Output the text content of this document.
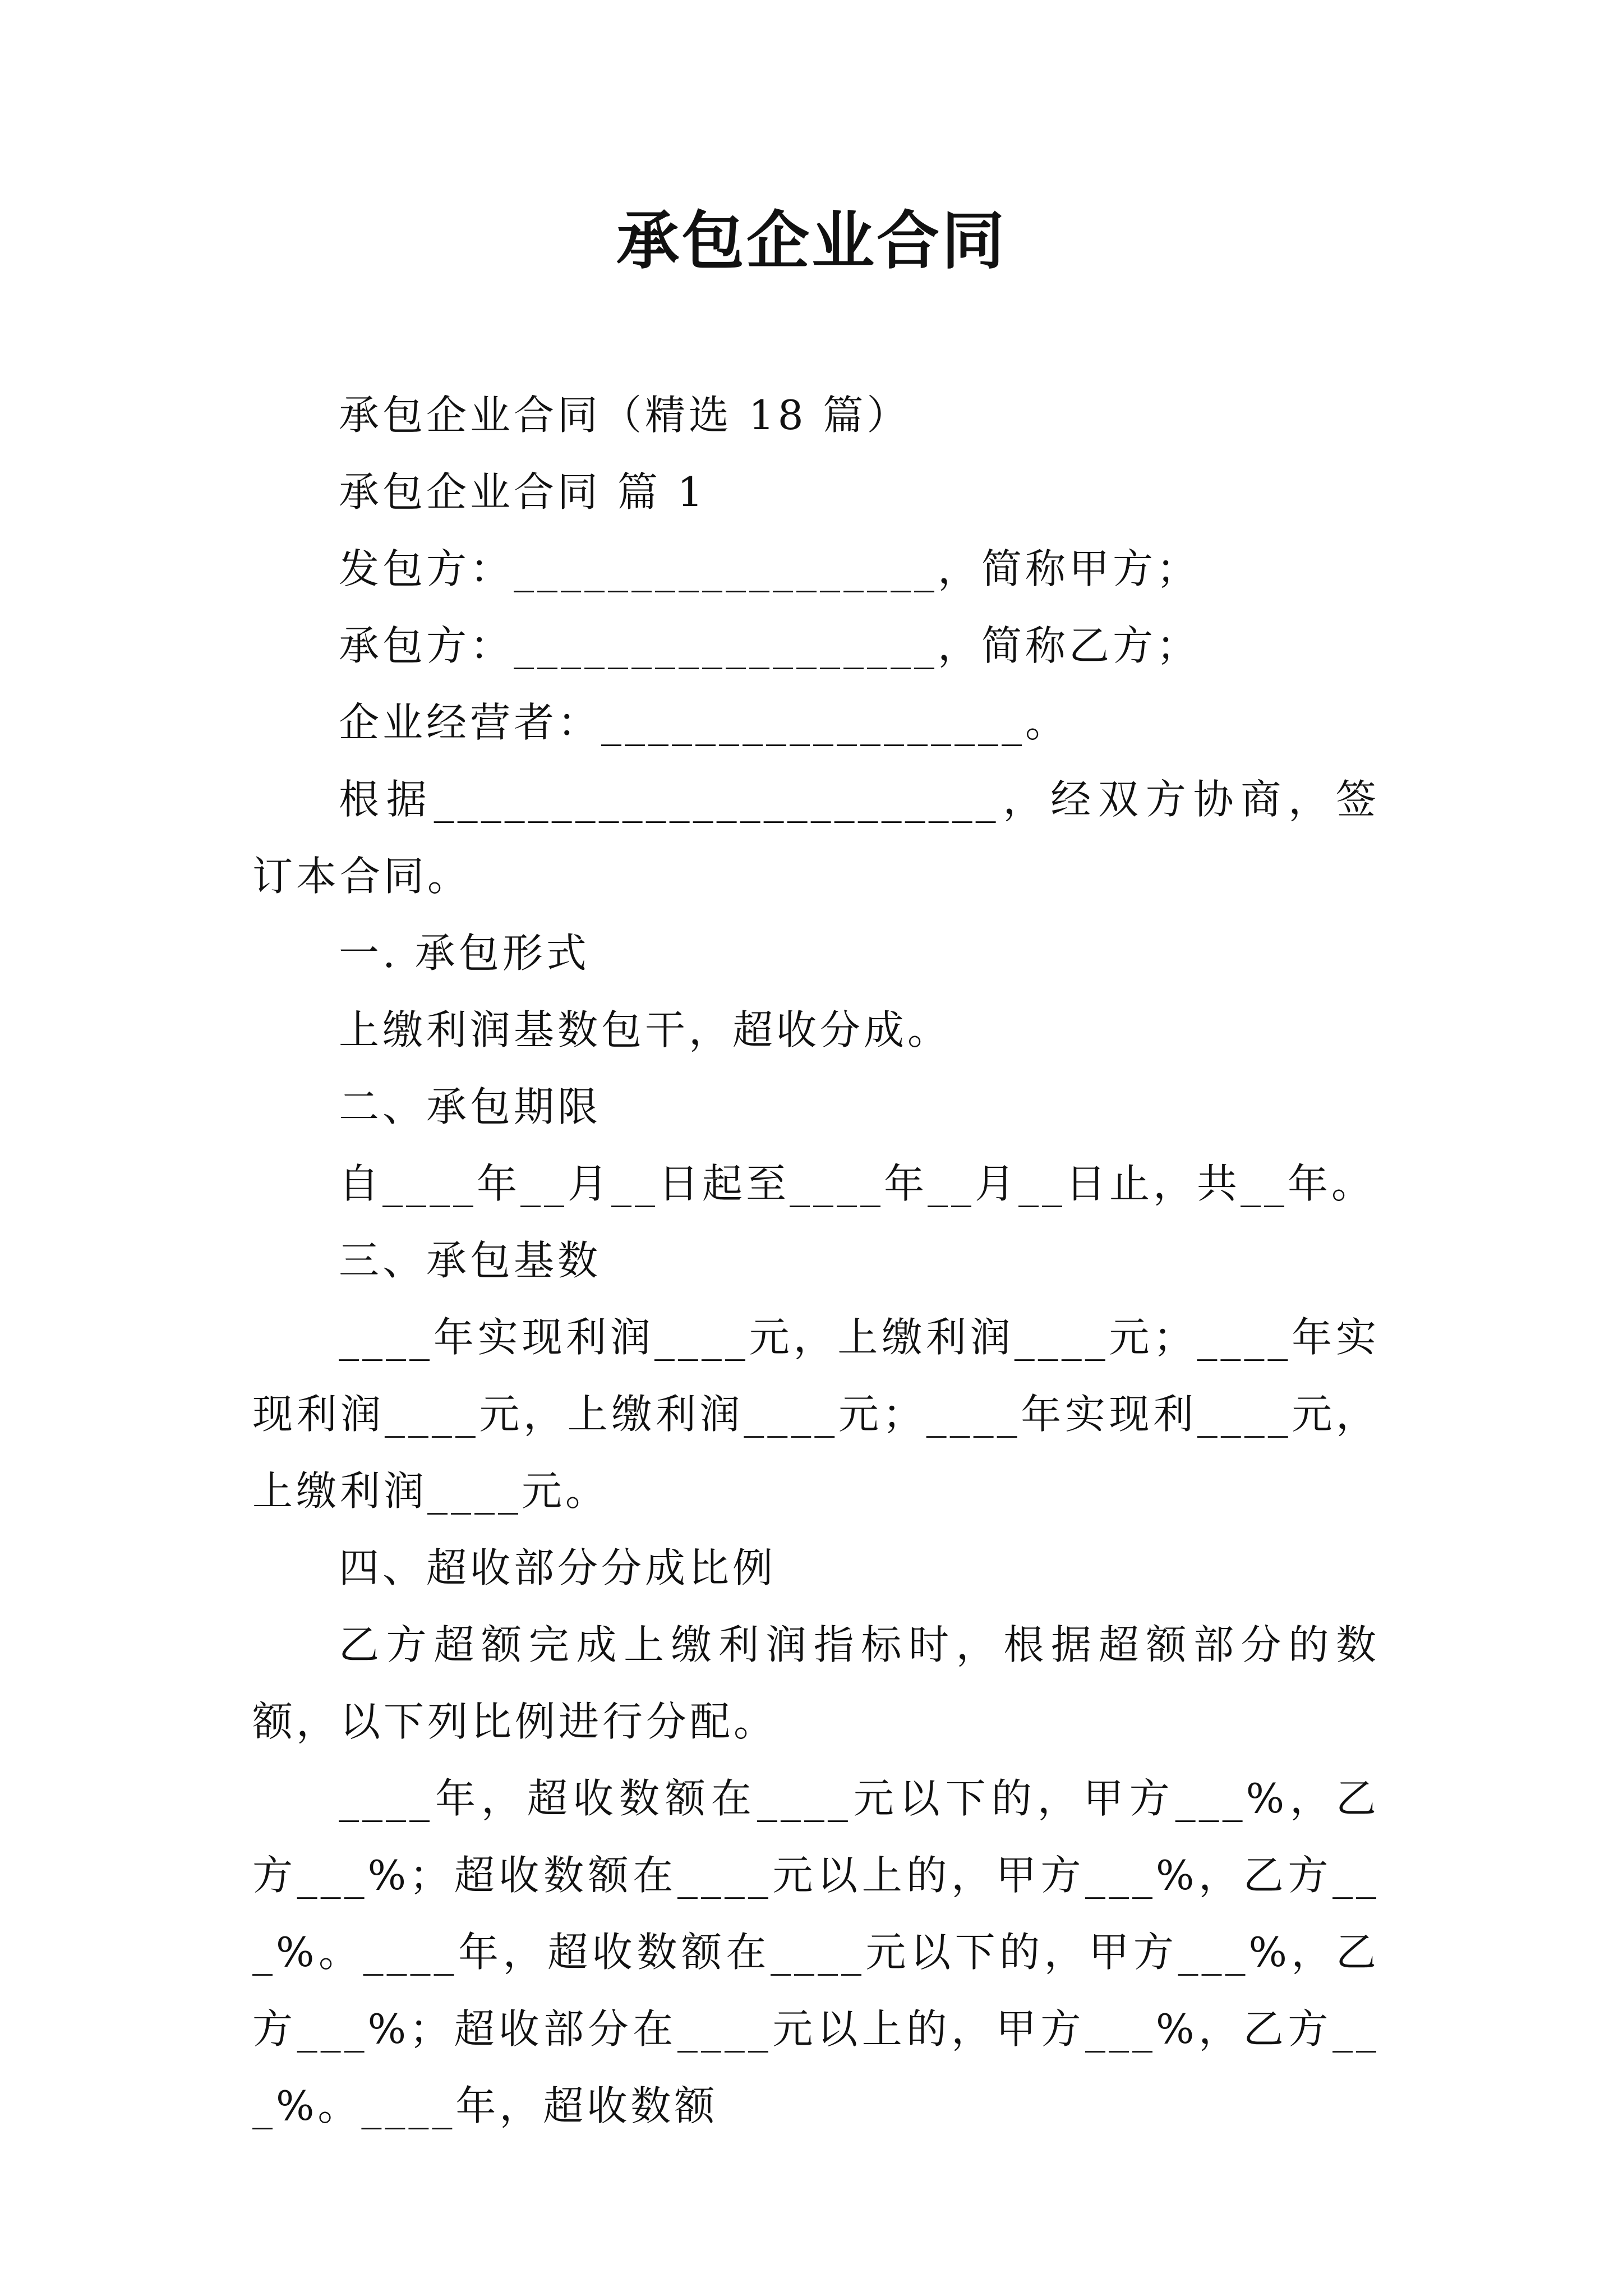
承包企业合同

承包企业合同（精选 18 篇）

承包企业合同 篇 1

发包方：__________________，简称甲方；

承包方：__________________，简称乙方；

企业经营者：__________________。

根据________________________，经双方协商，签订本合同。

一. 承包形式

上缴利润基数包干，超收分成。

二、承包期限

自____年__月__日起至____年__月__日止，共__年。

三、承包基数

____年实现利润____元，上缴利润____元；____年实现利润____元，上缴利润____元；____年实现利____元，上缴利润____元。

四、超收部分分成比例

乙方超额完成上缴利润指标时，根据超额部分的数额，以下列比例进行分配。

____年，超收数额在____元以下的，甲方___%，乙方___%；超收数额在____元以上的，甲方___%，乙方___%。____年，超收数额在____元以下的，甲方___%，乙方___%；超收部分在____元以上的，甲方___%，乙方___%。____年，超收数额
